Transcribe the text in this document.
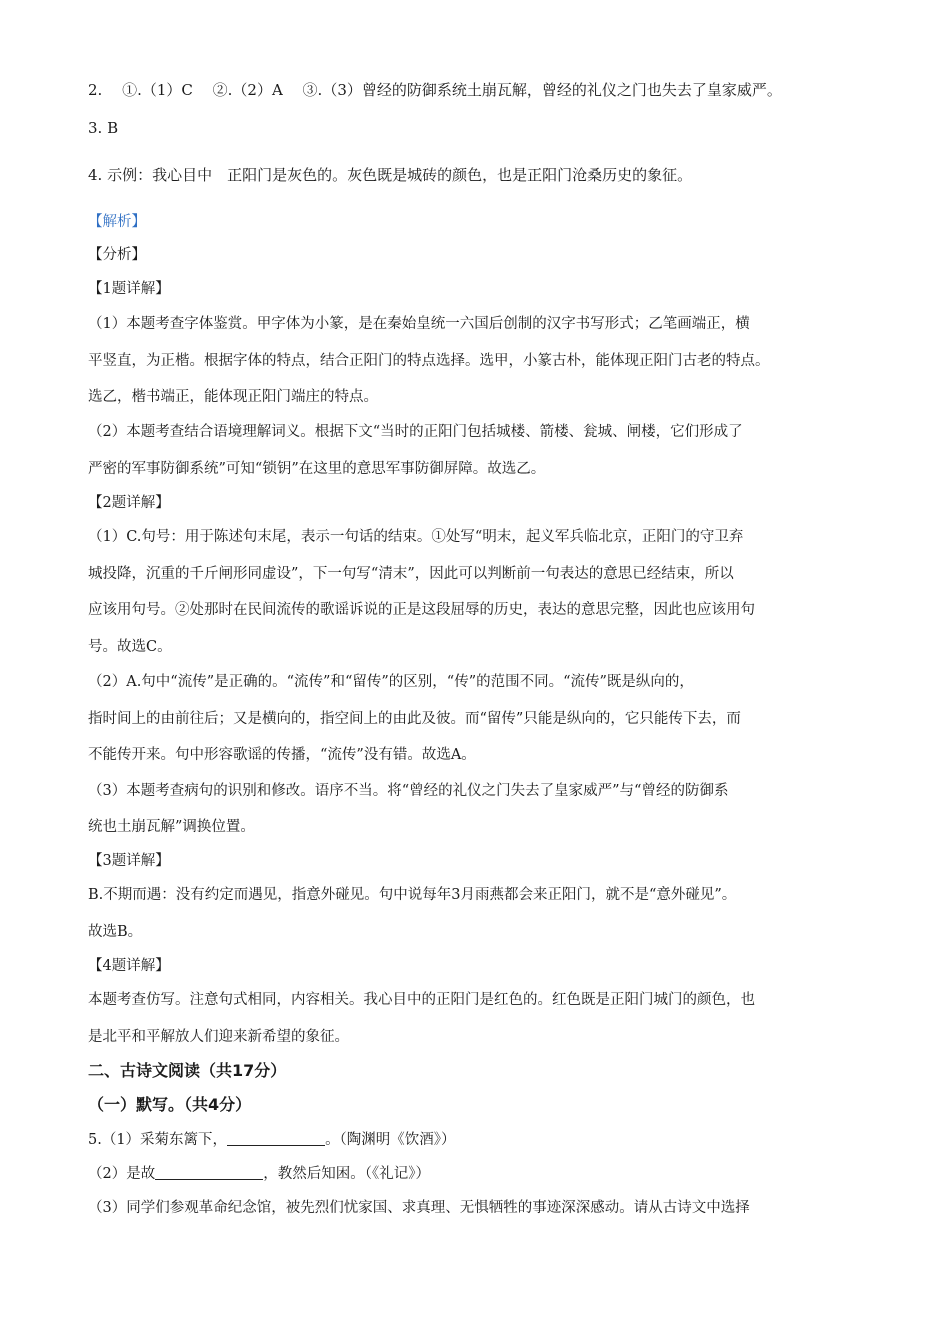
2.　 ①.（1）C　 ②.（2）A　 ③.（3）曾经的防御系统土崩瓦解，曾经的礼仪之门也失去了皇家威严。
3. B
4. 示例：我心目中　正阳门是灰色的。灰色既是城砖的颜色，也是正阳门沧桑历史的象征。
【解析】
【分析】
【1题详解】
（1）本题考查字体鉴赏。甲字体为小篆，是在秦始皇统一六国后创制的汉字书写形式；乙笔画端正，横
平竖直，为正楷。根据字体的特点，结合正阳门的特点选择。选甲，小篆古朴，能体现正阳门古老的特点。
选乙，楷书端正，能体现正阳门端庄的特点。
（2）本题考查结合语境理解词义。根据下文“当时的正阳门包括城楼、箭楼、瓮城、闸楼，它们形成了
严密的军事防御系统”可知“锁钥”在这里的意思军事防御屏障。故选乙。
【2题详解】
（1）C.句号：用于陈述句末尾，表示一句话的结束。①处写“明末，起义军兵临北京，正阳门的守卫弃
城投降，沉重的千斤闸形同虚设”，下一句写“清末”，因此可以判断前一句表达的意思已经结束，所以
应该用句号。②处那时在民间流传的歌谣诉说的正是这段屈辱的历史，表达的意思完整，因此也应该用句
号。故选C。
（2）A.句中“流传”是正确的。“流传”和“留传”的区别，“传”的范围不同。“流传”既是纵向的，
指时间上的由前往后；又是横向的，指空间上的由此及彼。而“留传”只能是纵向的，它只能传下去，而
不能传开来。句中形容歌谣的传播，“流传”没有错。故选A。
（3）本题考查病句的识别和修改。语序不当。将“曾经的礼仪之门失去了皇家威严”与“曾经的防御系
统也土崩瓦解”调换位置。
【3题详解】
B.不期而遇：没有约定而遇见，指意外碰见。句中说每年3月雨燕都会来正阳门，就不是“意外碰见”。
故选B。
【4题详解】
本题考查仿写。注意句式相同，内容相关。我心目中的正阳门是红色的。红色既是正阳门城门的颜色，也
是北平和平解放人们迎来新希望的象征。
二、古诗文阅读（共17分）
（一）默写。（共4分）
5.（1）采菊东篱下，	。（陶渊明《饮酒》）
（2）是故	，教然后知困。（《礼记》）
（3）同学们参观革命纪念馆，被先烈们忧家国、求真理、无惧牺牲的事迹深深感动。请从古诗文中选择
